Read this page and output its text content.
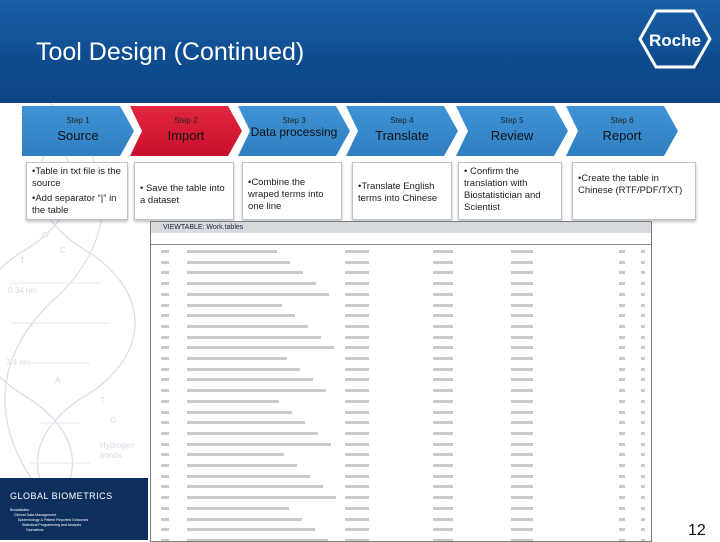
Tool Design (Continued)	Roche
G
C
T
0.34 nm
3.4 nm
A
T
G
Hydrogen
bonds
GLOBAL BIOMETRICS
Biostatistics
Clinical Data Management
Epidemiology & Patient Reported Outcomes
Statistical Programming and Analysis
Operations
Step 1
Source
Step 2
Import
Step 3
Data processing
Step 4
Translate
Step 5
Review
Step 6
Report

•Table in txt file is the source

•Add separator “|” in the table

• Save the table into a dataset

•Combine the wraped terms into one line

•Translate English terms into Chinese

• Confirm the translation with Biostatistician and Scientist

•Create the table in Chinese (RTF/PDF/TXT)

VIEWTABLE: Work.tables
12
